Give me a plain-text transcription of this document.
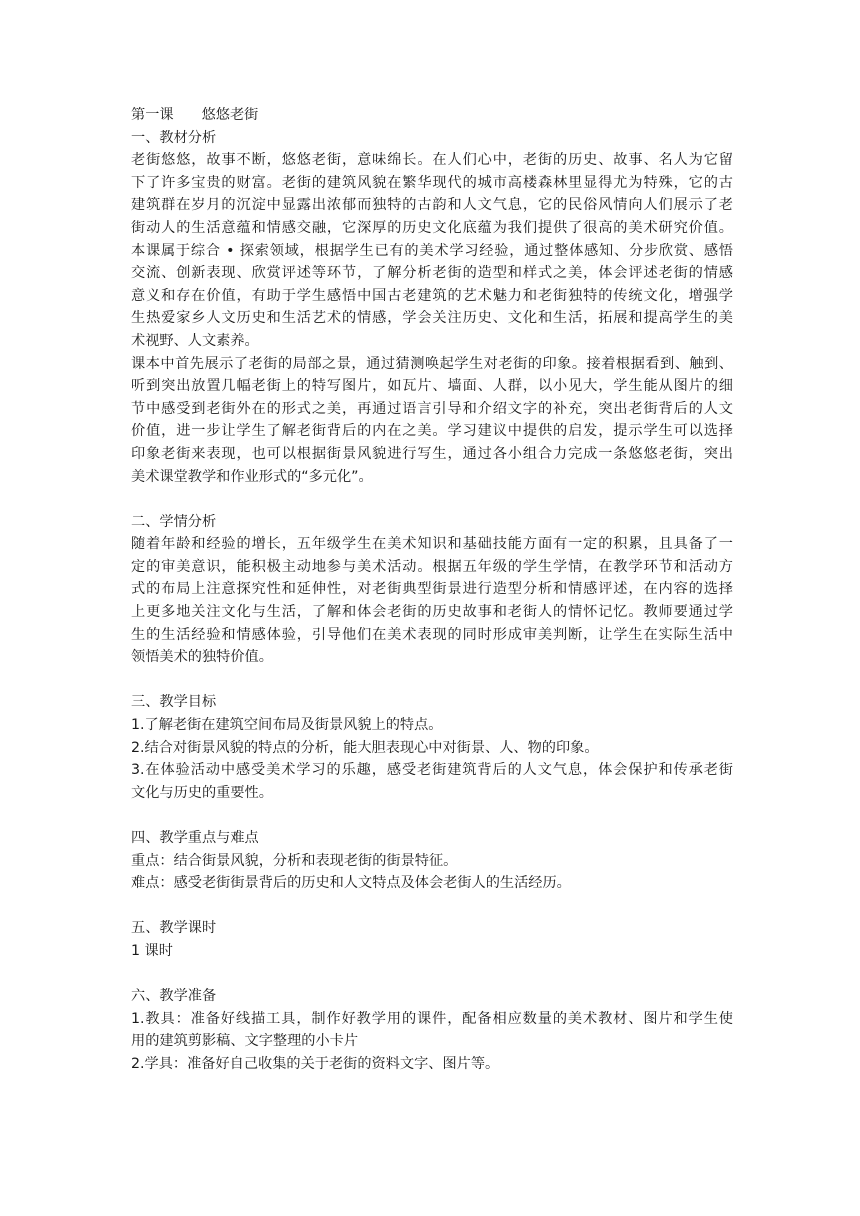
第一课 悠悠老街

一、教材分析

老街悠悠，故事不断，悠悠老街，意味绵长。在人们心中，老街的历史、故事、名人为它留

下了许多宝贵的财富。老街的建筑风貌在繁华现代的城市高楼森林里显得尤为特殊，它的古

建筑群在岁月的沉淀中显露出浓郁而独特的古韵和人文气息，它的民俗风情向人们展示了老

街动人的生活意蕴和情感交融，它深厚的历史文化底蕴为我们提供了很高的美术研究价值。

本课属于综合 • 探索领域，根据学生已有的美术学习经验，通过整体感知、分步欣赏、感悟

交流、创新表现、欣赏评述等环节，了解分析老街的造型和样式之美，体会评述老街的情感

意义和存在价值，有助于学生感悟中国古老建筑的艺术魅力和老街独特的传统文化，增强学

生热爱家乡人文历史和生活艺术的情感，学会关注历史、文化和生活，拓展和提高学生的美

术视野、人文素养。

课本中首先展示了老街的局部之景，通过猜测唤起学生对老街的印象。接着根据看到、触到、

听到突出放置几幅老街上的特写图片，如瓦片、墙面、人群，以小见大，学生能从图片的细

节中感受到老街外在的形式之美，再通过语言引导和介绍文字的补充，突出老街背后的人文

价值，进一步让学生了解老街背后的内在之美。学习建议中提供的启发，提示学生可以选择

印象老街来表现，也可以根据街景风貌进行写生，通过各小组合力完成一条悠悠老街，突出

美术课堂教学和作业形式的“多元化”。

二、学情分析

随着年龄和经验的增长，五年级学生在美术知识和基础技能方面有一定的积累，且具备了一

定的审美意识，能积极主动地参与美术活动。根据五年级的学生学情，在教学环节和活动方

式的布局上注意探究性和延伸性，对老街典型街景进行造型分析和情感评述，在内容的选择

上更多地关注文化与生活，了解和体会老街的历史故事和老街人的情怀记忆。教师要通过学

生的生活经验和情感体验，引导他们在美术表现的同时形成审美判断，让学生在实际生活中

领悟美术的独特价值。

三、教学目标

1.了解老街在建筑空间布局及街景风貌上的特点。

2.结合对街景风貌的特点的分析，能大胆表现心中对街景、人、物的印象。

3.在体验活动中感受美术学习的乐趣，感受老街建筑背后的人文气息，体会保护和传承老街

文化与历史的重要性。

四、教学重点与难点

重点：结合街景风貌，分析和表现老街的街景特征。

难点：感受老街街景背后的历史和人文特点及体会老街人的生活经历。

五、教学课时

1 课时

六、教学准备

1.教具：准备好线描工具，制作好教学用的课件，配备相应数量的美术教材、图片和学生使

用的建筑剪影稿、文字整理的小卡片

2.学具：准备好自己收集的关于老街的资料文字、图片等。
